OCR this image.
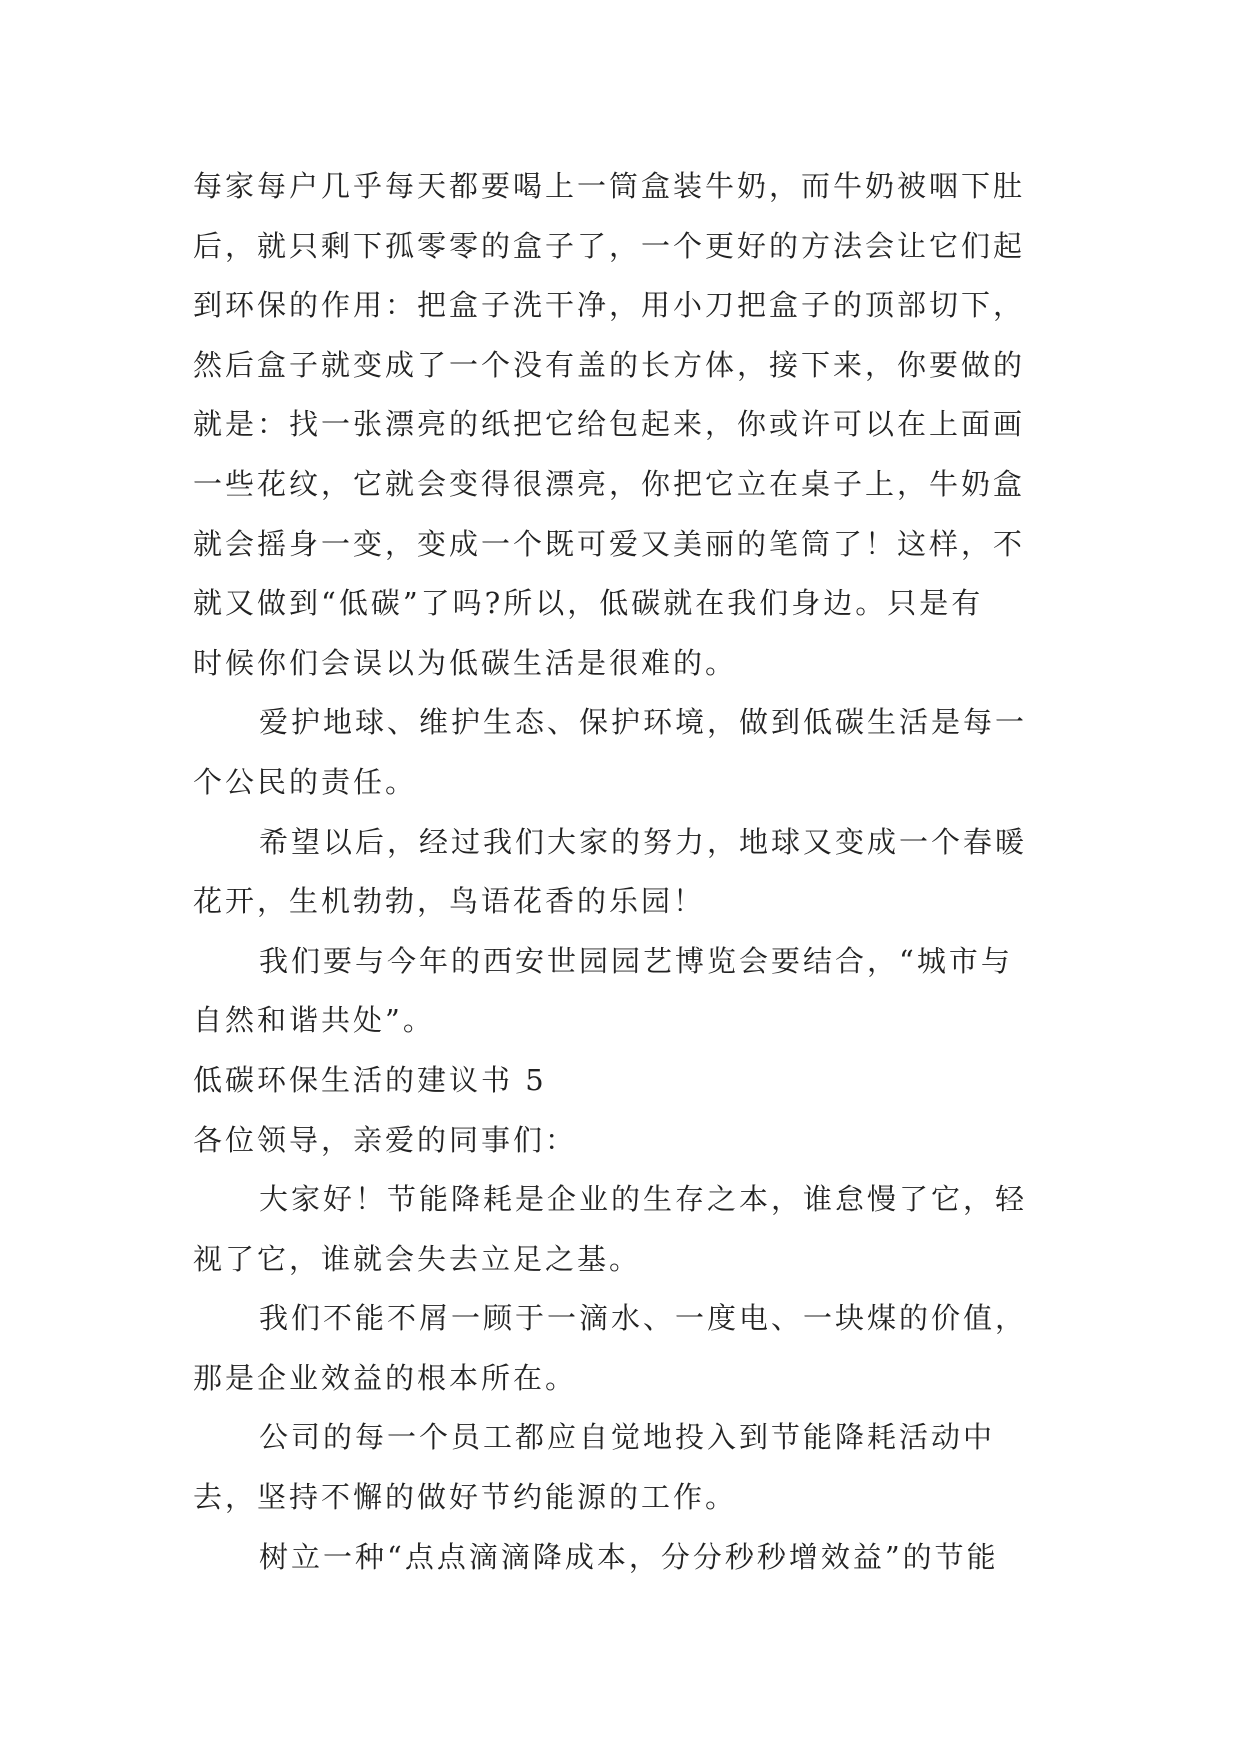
每家每户几乎每天都要喝上一筒盒装牛奶，而牛奶被咽下肚
后，就只剩下孤零零的盒子了，一个更好的方法会让它们起
到环保的作用：把盒子洗干净，用小刀把盒子的顶部切下，
然后盒子就变成了一个没有盖的长方体，接下来，你要做的
就是：找一张漂亮的纸把它给包起来，你或许可以在上面画
一些花纹，它就会变得很漂亮，你把它立在桌子上，牛奶盒
就会摇身一变，变成一个既可爱又美丽的笔筒了！这样，不
就又做到“低碳”了吗?所以，低碳就在我们身边。只是有
时候你们会误以为低碳生活是很难的。
爱护地球、维护生态、保护环境，做到低碳生活是每一
个公民的责任。
希望以后，经过我们大家的努力，地球又变成一个春暖
花开，生机勃勃，鸟语花香的乐园！
我们要与今年的西安世园园艺博览会要结合，“城市与
自然和谐共处”。
低碳环保生活的建议书 5
各位领导，亲爱的同事们：
大家好！节能降耗是企业的生存之本，谁怠慢了它，轻
视了它，谁就会失去立足之基。
我们不能不屑一顾于一滴水、一度电、一块煤的价值，
那是企业效益的根本所在。
公司的每一个员工都应自觉地投入到节能降耗活动中
去，坚持不懈的做好节约能源的工作。
树立一种“点点滴滴降成本，分分秒秒增效益”的节能
